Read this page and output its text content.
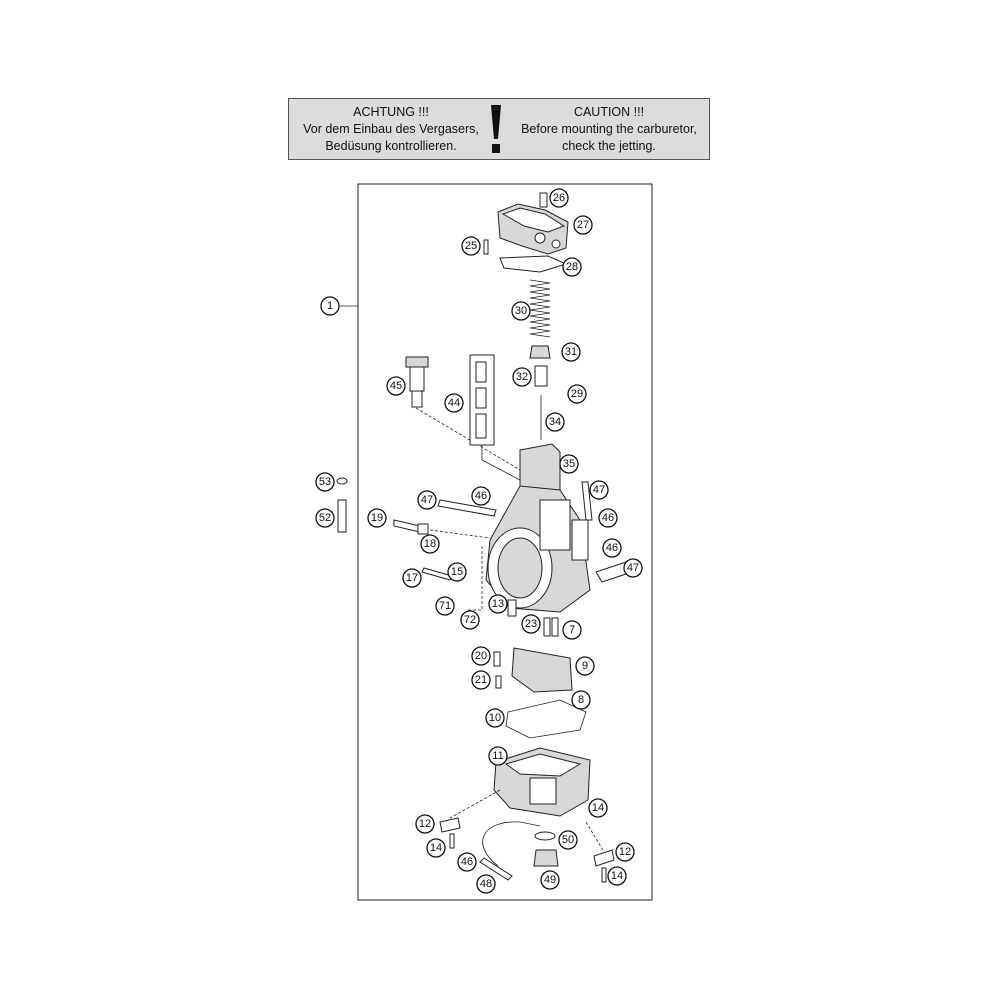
ACHTUNG !!!
Vor dem Einbau des Vergasers,
Bedüsung kontrollieren.
CAUTION !!!
Before mounting the carburetor,
check the jetting.
26
27
25
28
1	30
31
32
29
45
44
34
35
53
47	46	47
52	19
18
46
46
47
17	15
71
72
13
23	7
20
9
21
8
10
11
14
12
50
14
46
12
48	49	14
